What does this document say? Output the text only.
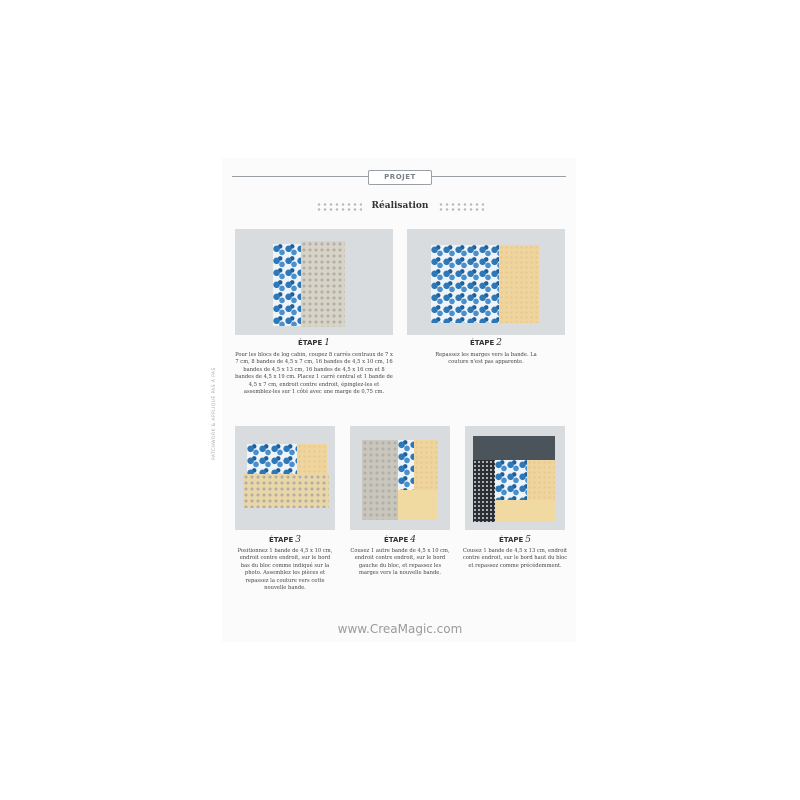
PROJET
Réalisation
PATCHWORK & APPLIQUÉ PAS À PAS
ÉTAPE 1
Pour les blocs de log cabin, coupez 8 carrés centraux de 7 x 7 cm, 8 bandes de 4,5 x 7 cm, 16 bandes de 4,5 x 10 cm, 16 bandes de 4,5 x 13 cm, 16 bandes de 4,5 x 16 cm et 8 bandes de 4,5 x 19 cm. Placez 1 carré central et 1 bande de 4,5 x 7 cm, endroit contre endroit, épinglez-les et assemblez-les sur 1 côté avec une marge de 0,75 cm.
ÉTAPE 2
Repassez les marges vers la bande. La couture n'est pas apparente.
ÉTAPE 3
Positionnez 1 bande de 4,5 x 10 cm, endroit contre endroit, sur le bord bas du bloc comme indiqué sur la photo. Assemblez les pièces et repassez la couture vers cette nouvelle bande.
ÉTAPE 4
Cousez 1 autre bande de 4,5 x 10 cm, endroit contre endroit, sur le bord gauche du bloc, et repassez les marges vers la nouvelle bande.
ÉTAPE 5
Cousez 1 bande de 4,5 x 13 cm, endroit contre endroit, sur le bord haut du bloc et repassez comme précédemment.
www.CreaMagic.com
